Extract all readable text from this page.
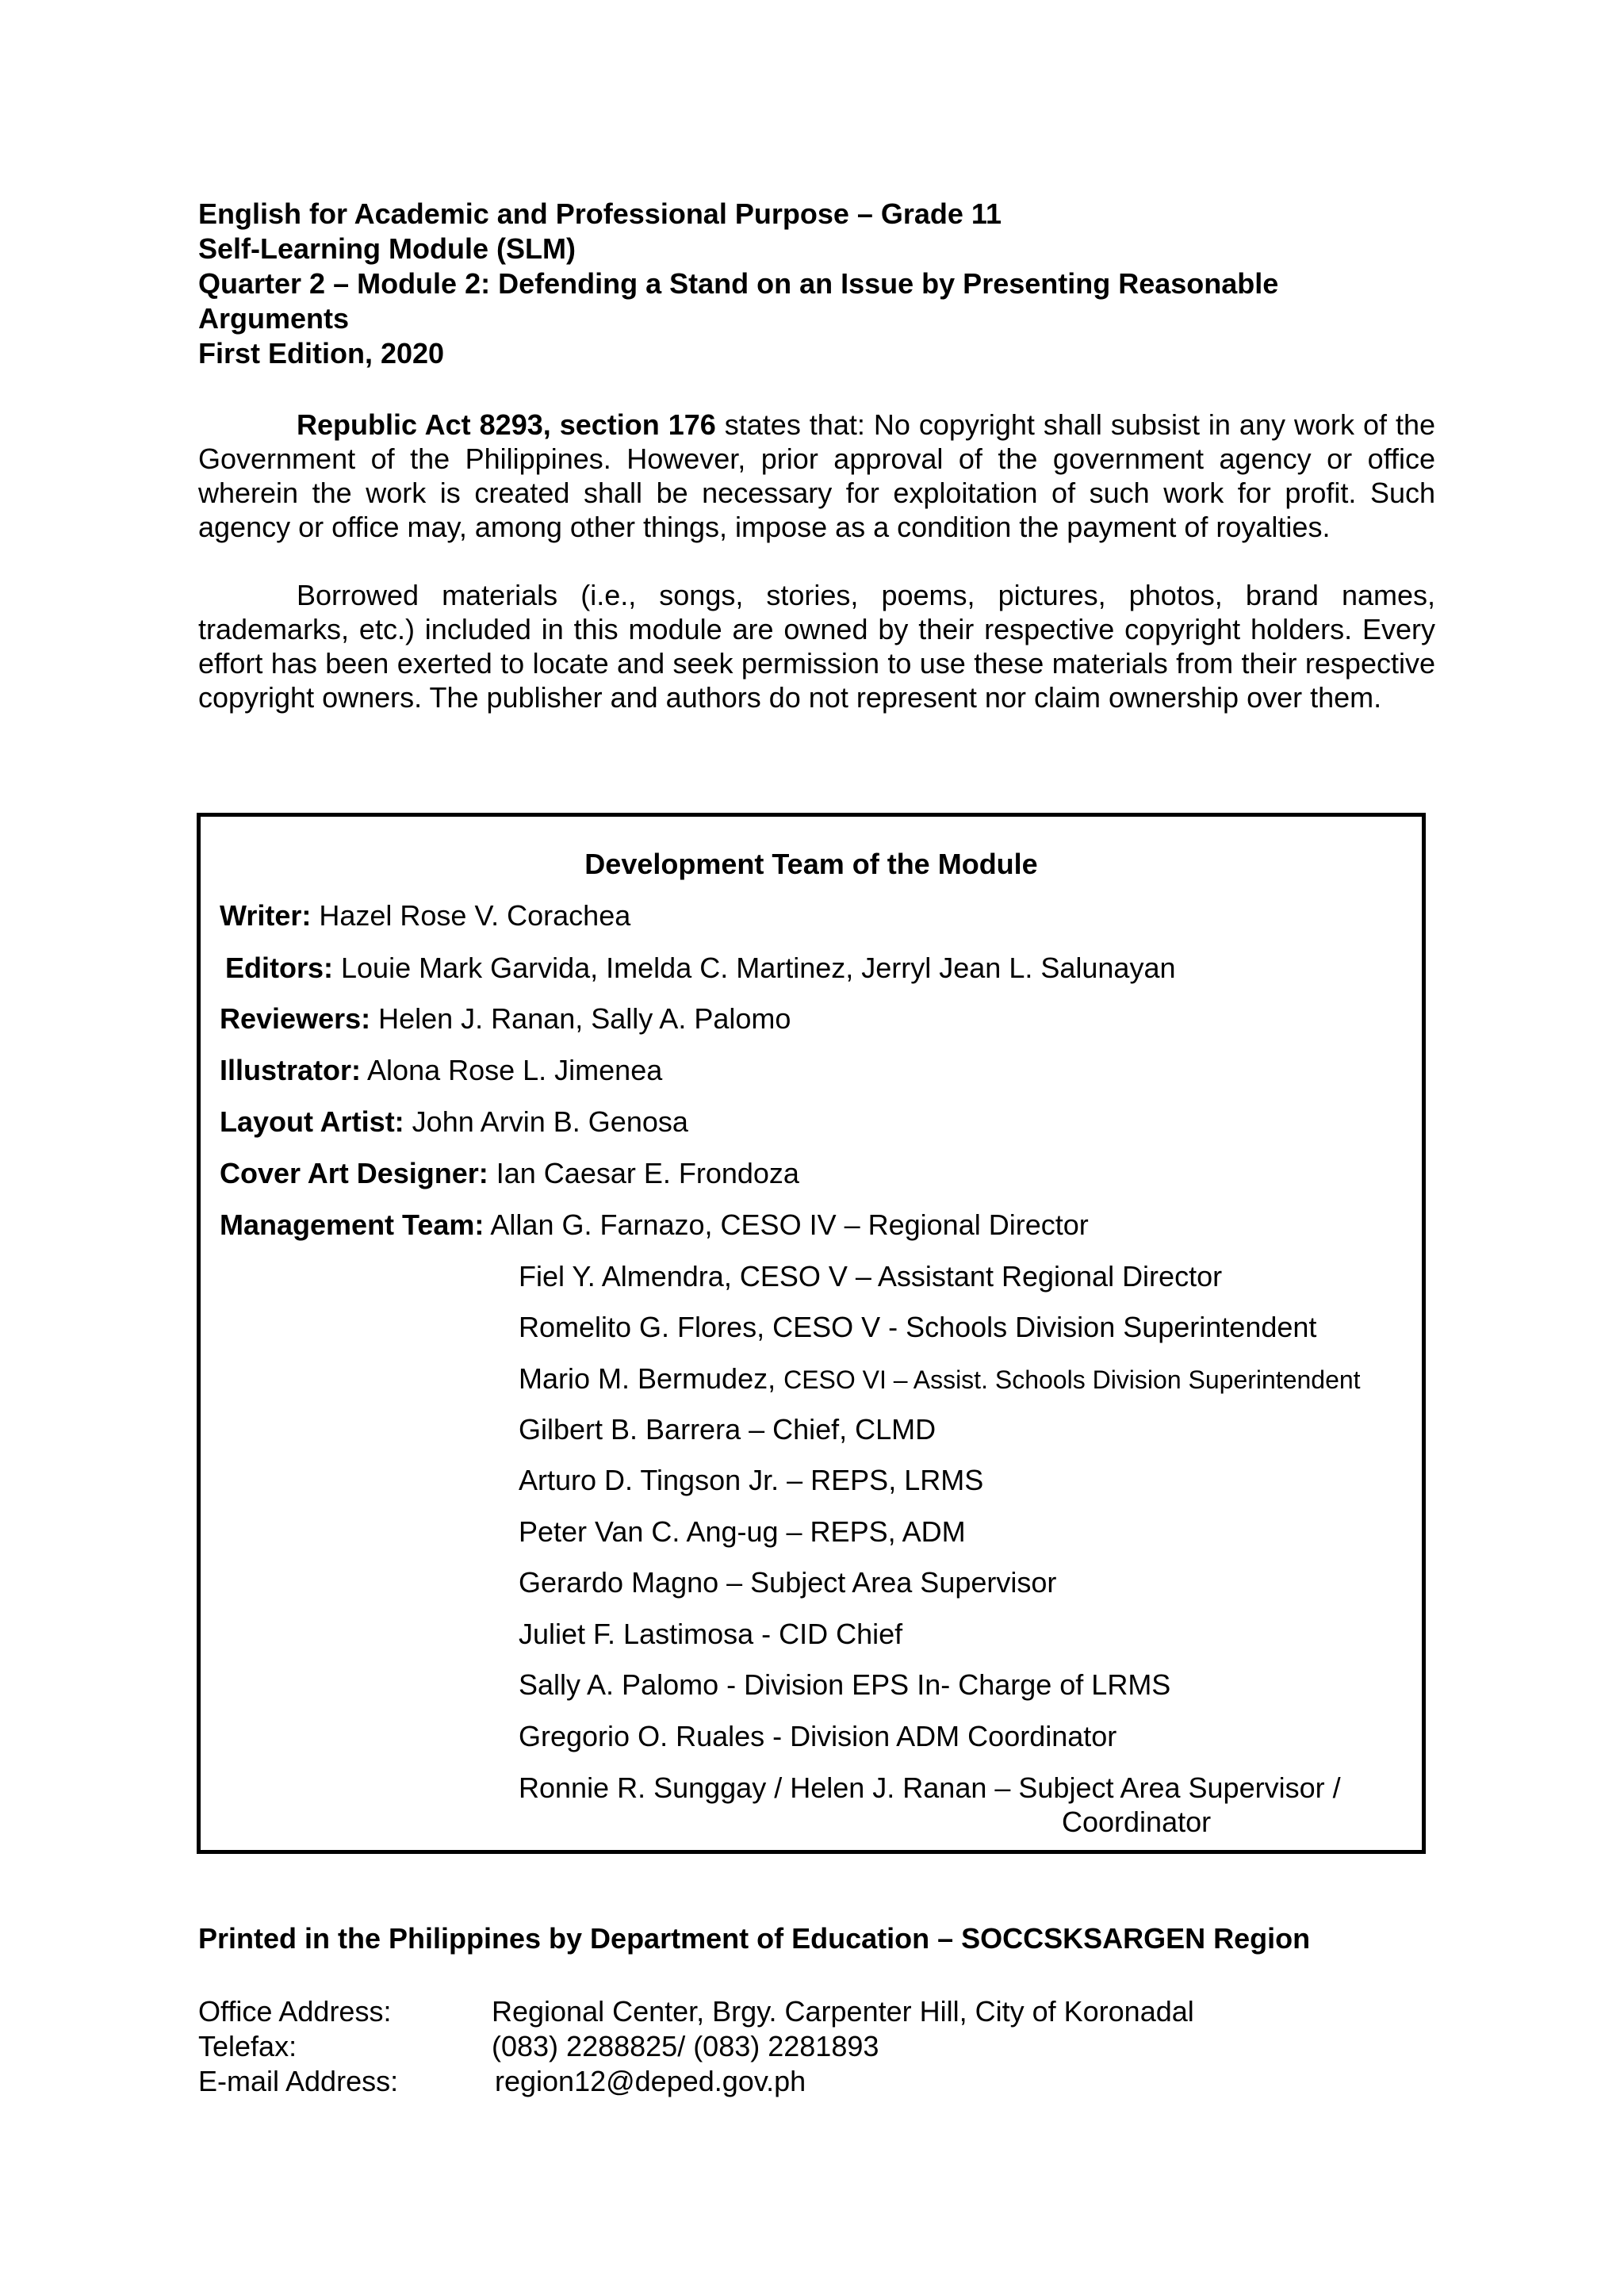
English for Academic and Professional Purpose – Grade 11
Self-Learning Module (SLM)
Quarter 2 – Module 2: Defending a Stand on an Issue by Presenting Reasonable
Arguments
First Edition, 2020

Republic Act 8293, section 176 states that: No copyright shall subsist in any work of the Government of the Philippines. However, prior approval of the government agency or office wherein the work is created shall be necessary for exploitation of such work for profit. Such agency or office may, among other things, impose as a condition the payment of royalties.

Borrowed materials (i.e., songs, stories, poems, pictures, photos, brand names, trademarks, etc.) included in this module are owned by their respective copyright holders. Every effort has been exerted to locate and seek permission to use these materials from their respective copyright owners. The publisher and authors do not represent nor claim ownership over them.

Development Team of the Module
Writer: Hazel Rose V. Corachea
Editors: Louie Mark Garvida, Imelda C. Martinez, Jerryl Jean L. Salunayan
Reviewers: Helen J. Ranan, Sally A. Palomo
Illustrator: Alona Rose L. Jimenea
Layout Artist: John Arvin B. Genosa
Cover Art Designer: Ian Caesar E. Frondoza
Management Team: Allan G. Farnazo, CESO IV – Regional Director
Fiel Y. Almendra, CESO V – Assistant Regional Director
Romelito G. Flores, CESO V - Schools Division Superintendent
Mario M. Bermudez, CESO VI – Assist. Schools Division Superintendent
Gilbert B. Barrera – Chief, CLMD
Arturo D. Tingson Jr. – REPS, LRMS
Peter Van C. Ang-ug – REPS, ADM
Gerardo Magno – Subject Area Supervisor
Juliet F. Lastimosa - CID Chief
Sally A. Palomo - Division EPS In- Charge of LRMS
Gregorio O. Ruales - Division ADM Coordinator
Ronnie R. Sunggay / Helen J. Ranan – Subject Area Supervisor /
Coordinator
Printed in the Philippines by Department of Education – SOCCSKSARGEN Region
Office Address:	Regional Center, Brgy. Carpenter Hill, City of Koronadal
Telefax:	(083) 2288825/ (083) 2281893
E-mail Address:	region12@deped.gov.ph
